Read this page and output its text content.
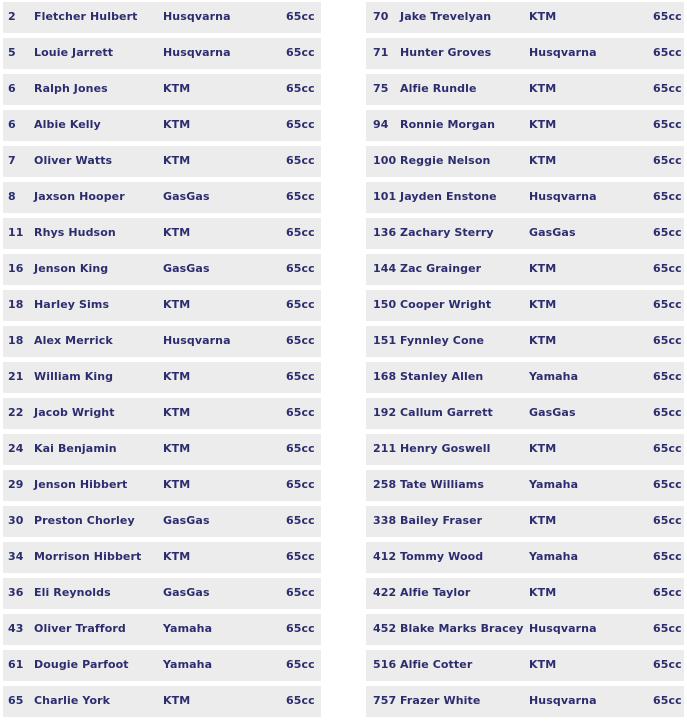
2 Fletcher Hulbert Husqvarna	65cc
5 Louie Jarrett	Husqvarna	65cc
6 Ralph Jones	KTM	65cc
6 Albie Kelly	KTM	65cc
7 Oliver Watts	KTM	65cc
8 Jaxson Hooper	GasGas	65cc
11 Rhys Hudson	KTM	65cc
16 Jenson King	GasGas	65cc
18 Harley Sims	KTM	65cc
18 Alex Merrick	Husqvarna	65cc
21 William King	KTM	65cc
22 Jacob Wright	KTM	65cc
24 Kai Benjamin	KTM	65cc
29 Jenson Hibbert	KTM	65cc
30 Preston Chorley	GasGas	65cc
34 Morrison Hibbert KTM	65cc
36 Eli Reynolds	GasGas	65cc
43 Oliver Trafford	Yamaha	65cc
61 Dougie Parfoot	Yamaha	65cc
65 Charlie York	KTM	65cc
70 Jake Trevelyan	KTM	65cc
71 Hunter Groves	Husqvarna	65cc
75 Alfie Rundle	KTM	65cc
94 Ronnie Morgan	KTM	65cc
100 Reggie Nelson	KTM	65cc
101 Jayden Enstone	Husqvarna	65cc
136 Zachary Sterry	GasGas	65cc
144 Zac Grainger	KTM	65cc
150 Cooper Wright	KTM	65cc
151 Fynnley Cone	KTM	65cc
168 Stanley Allen	Yamaha	65cc
192 Callum Garrett	GasGas	65cc
211 Henry Goswell	KTM	65cc
258 Tate Williams	Yamaha	65cc
338 Bailey Fraser	KTM	65cc
412 Tommy Wood	Yamaha	65cc
422 Alfie Taylor	KTM	65cc
452 Blake Marks Bracey Husqvarna	65cc
516 Alfie Cotter	KTM	65cc
757 Frazer White	Husqvarna	65cc
